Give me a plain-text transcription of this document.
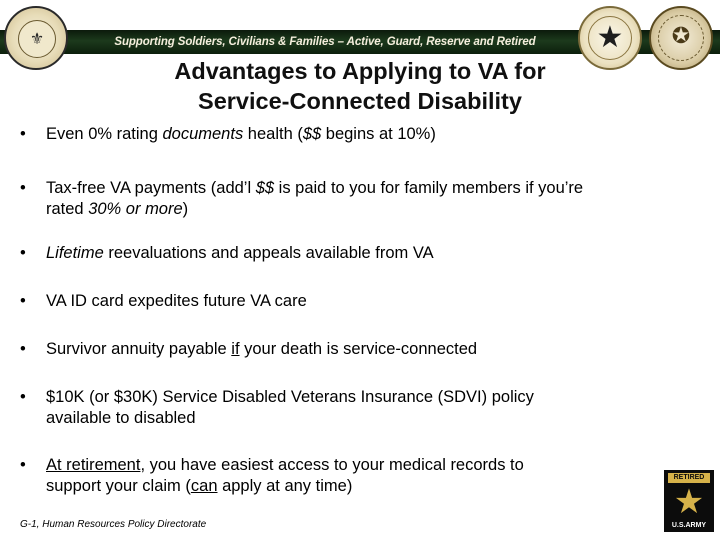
Supporting Soldiers, Civilians & Families – Active, Guard, Reserve and Retired
⚜	★	✪
Advantages to Applying to VA for
Service-Connected Disability
•	Even 0% rating documents health ($$ begins at 10%)
•	Tax-free VA payments (add’l $$ is paid to you for family members if you’re
rated 30% or more)
•	Lifetime reevaluations and appeals available from VA
•	VA ID card expedites future VA care
•	Survivor annuity payable if your death is service-connected
•	$10K (or $30K) Service Disabled Veterans Insurance (SDVI) policy
available to disabled
•	At retirement, you have easiest access to your medical records to
support your claim (can apply at any time)
G-1, Human Resources Policy Directorate
RETIRED
★
U.S.ARMY
